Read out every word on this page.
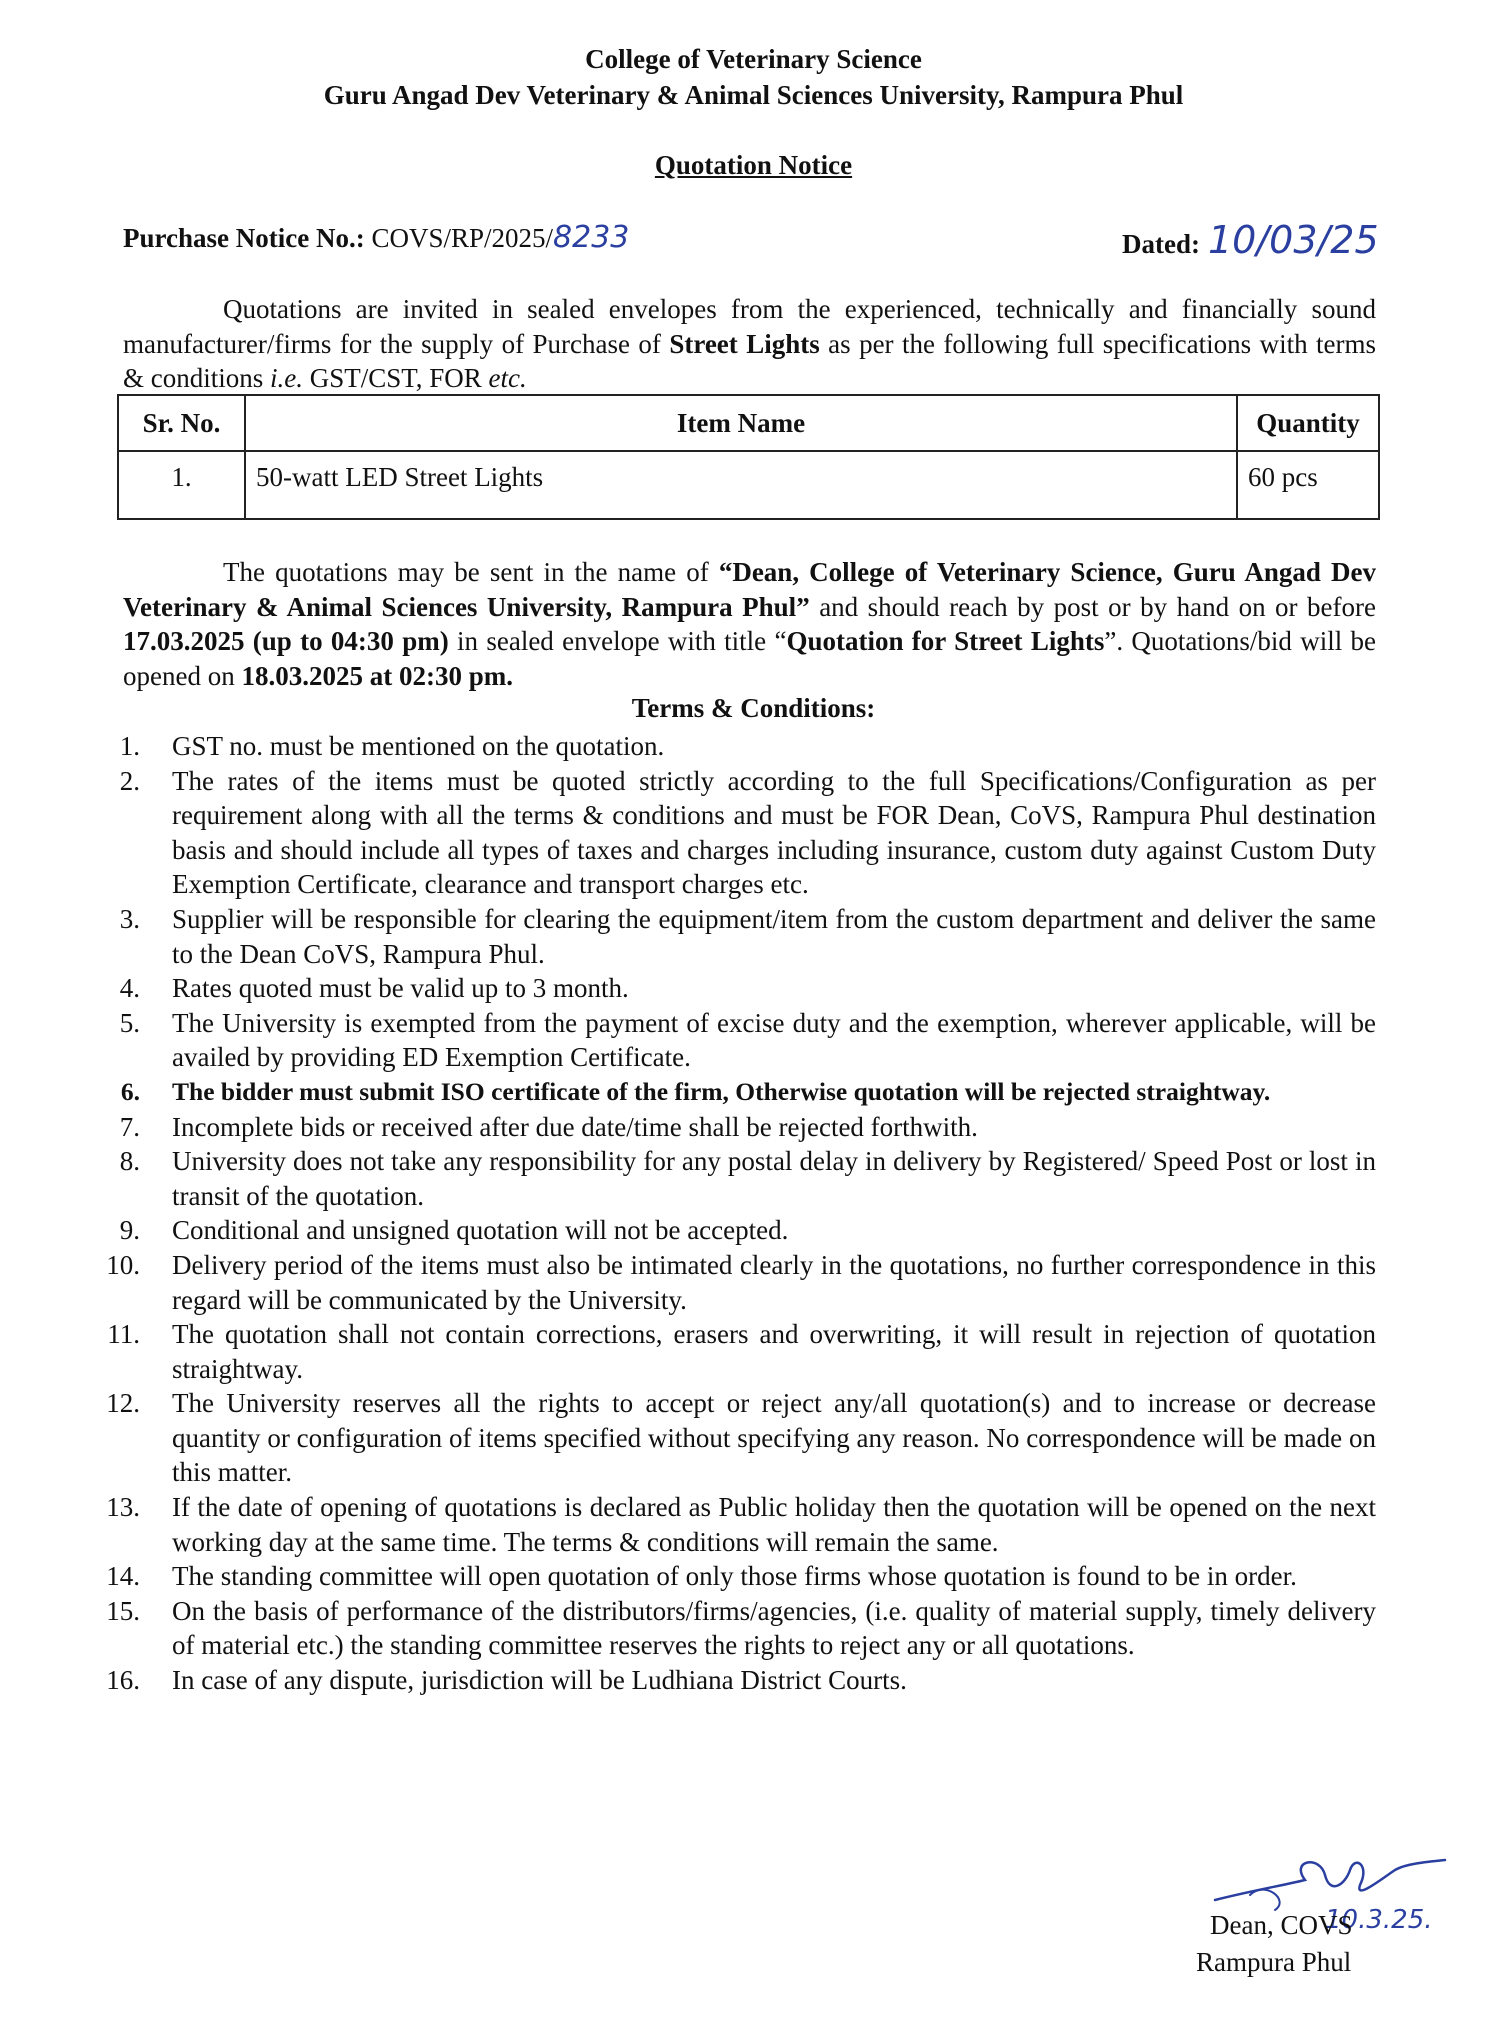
College of Veterinary Science
Guru Angad Dev Veterinary & Animal Sciences University, Rampura Phul
Quotation Notice
Purchase Notice No.: COVS/RP/2025/8233	Dated: 10/03/25
Quotations are invited in sealed envelopes from the experienced, technically and financially sound manufacturer/firms for the supply of Purchase of Street Lights as per the following full specifications with terms & conditions i.e. GST/CST, FOR etc.
Sr. No.	Item Name	Quantity
1.	50-watt LED Street Lights	60 pcs
The quotations may be sent in the name of “Dean, College of Veterinary Science, Guru Angad Dev Veterinary & Animal Sciences University, Rampura Phul” and should reach by post or by hand on or before 17.03.2025 (up to 04:30 pm) in sealed envelope with title “Quotation for Street Lights”. Quotations/bid will be opened on 18.03.2025 at 02:30 pm.
Terms & Conditions:
1. GST no. must be mentioned on the quotation.
2. The rates of the items must be quoted strictly according to the full Specifications/Configuration as per requirement along with all the terms & conditions and must be FOR Dean, CoVS, Rampura Phul destination basis and should include all types of taxes and charges including insurance, custom duty against Custom Duty Exemption Certificate, clearance and transport charges etc.
3. Supplier will be responsible for clearing the equipment/item from the custom department and deliver the same to the Dean CoVS, Rampura Phul.
4. Rates quoted must be valid up to 3 month.
5. The University is exempted from the payment of excise duty and the exemption, wherever applicable, will be availed by providing ED Exemption Certificate.
6. The bidder must submit ISO certificate of the firm, Otherwise quotation will be rejected straightway.
7. Incomplete bids or received after due date/time shall be rejected forthwith.
8. University does not take any responsibility for any postal delay in delivery by Registered/ Speed Post or lost in transit of the quotation.
9. Conditional and unsigned quotation will not be accepted.
10. Delivery period of the items must also be intimated clearly in the quotations, no further correspondence in this regard will be communicated by the University.
11. The quotation shall not contain corrections, erasers and overwriting, it will result in rejection of quotation straightway.
12. The University reserves all the rights to accept or reject any/all quotation(s) and to increase or decrease quantity or configuration of items specified without specifying any reason. No correspondence will be made on this matter.
13. If the date of opening of quotations is declared as Public holiday then the quotation will be opened on the next working day at the same time. The terms & conditions will remain the same.
14. The standing committee will open quotation of only those firms whose quotation is found to be in order.
15. On the basis of performance of the distributors/firms/agencies, (i.e. quality of material supply, timely delivery of material etc.) the standing committee reserves the rights to reject any or all quotations.
16. In case of any dispute, jurisdiction will be Ludhiana District Courts.
10.3.25.
Dean, COVS
Rampura Phul
